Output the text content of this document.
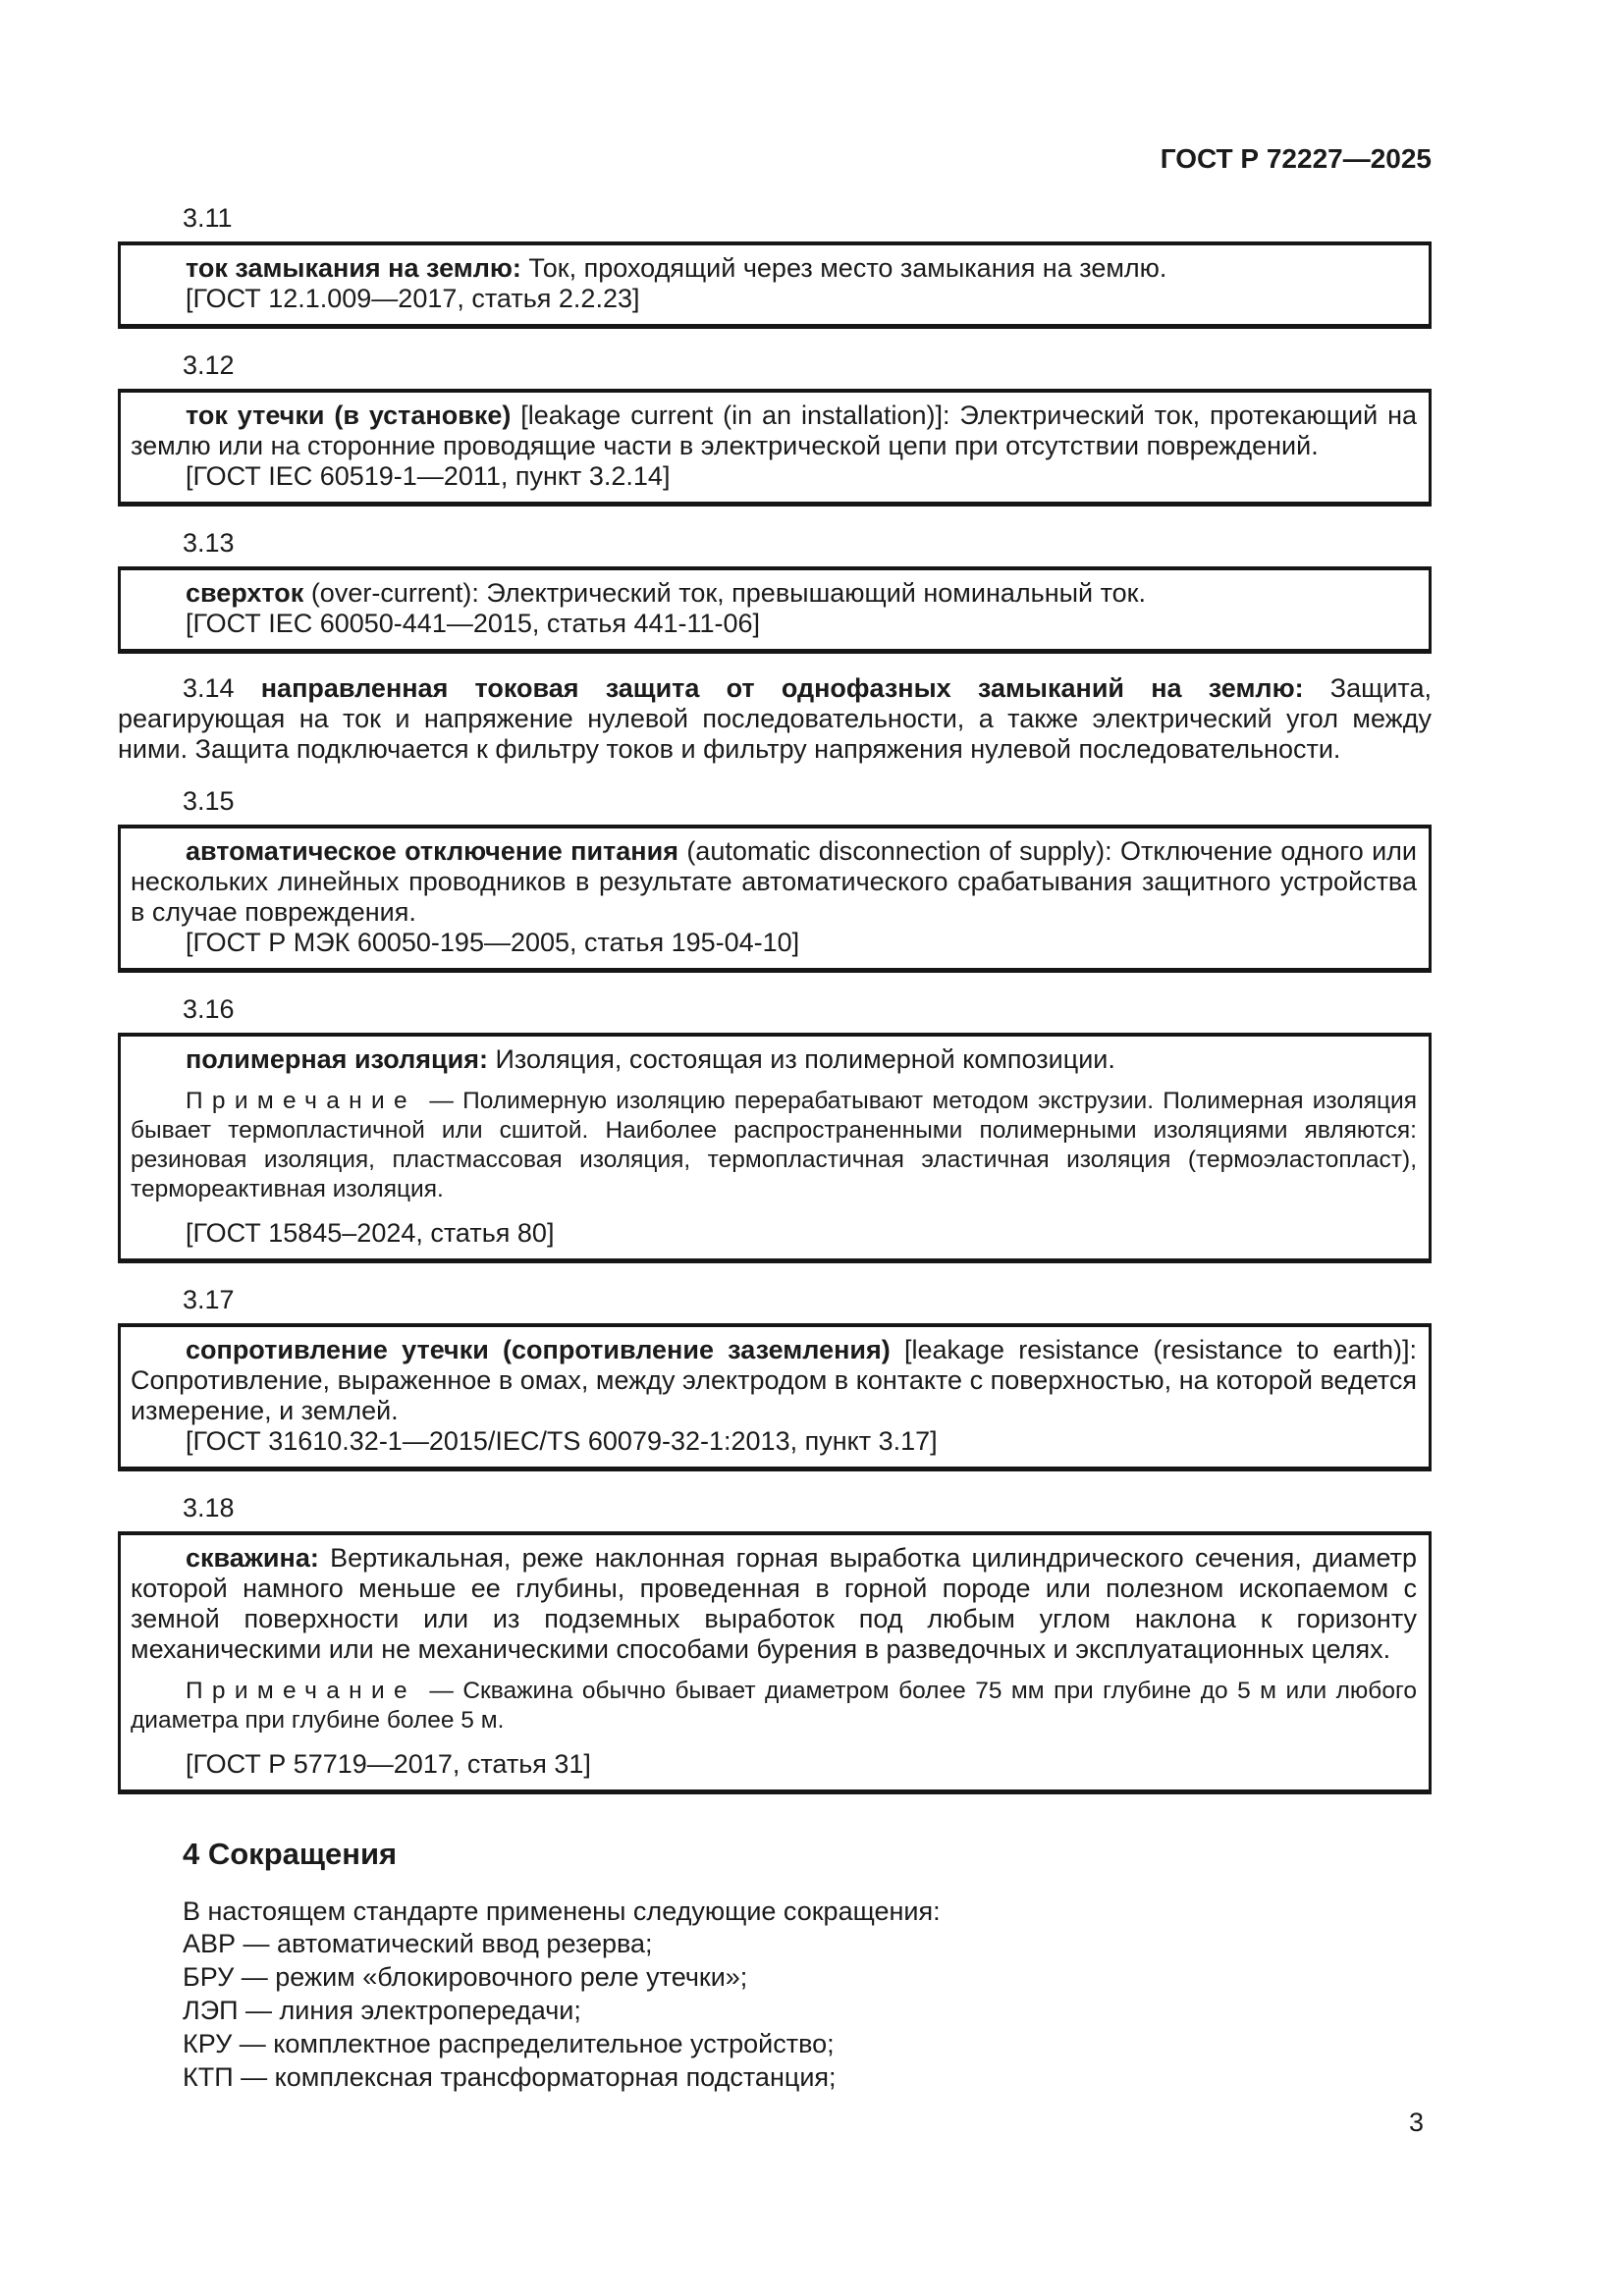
ГОСТ Р 72227—2025
3.11
ток замыкания на землю: Ток, проходящий через место замыкания на землю.
[ГОСТ 12.1.009—2017, статья 2.2.23]
3.12
ток утечки (в установке) [leakage current (in an installation)]: Электрический ток, протекающий на землю или на сторонние проводящие части в электрической цепи при отсутствии повреждений.
[ГОСТ IEC 60519-1—2011, пункт 3.2.14]
3.13
сверхток (over-current): Электрический ток, превышающий номинальный ток.
[ГОСТ IEC 60050-441—2015, статья 441-11-06]
3.14 направленная токовая защита от однофазных замыканий на землю: Защита, реагирующая на ток и напряжение нулевой последовательности, а также электрический угол между ними. Защита подключается к фильтру токов и фильтру напряжения нулевой последовательности.
3.15
автоматическое отключение питания (automatic disconnection of supply): Отключение одного или нескольких линейных проводников в результате автоматического срабатывания защитного устройства в случае повреждения.
[ГОСТ Р МЭК 60050-195—2005, статья 195-04-10]
3.16
полимерная изоляция: Изоляция, состоящая из полимерной композиции.
Примечание — Полимерную изоляцию перерабатывают методом экструзии. Полимерная изоляция бывает термопластичной или сшитой. Наиболее распространенными полимерными изоляциями являются: резиновая изоляция, пластмассовая изоляция, термопластичная эластичная изоляция (термоэластопласт), термореактивная изоляция.
[ГОСТ 15845–2024, статья 80]
3.17
сопротивление утечки (сопротивление заземления) [leakage resistance (resistance to earth)]: Сопротивление, выраженное в омах, между электродом в контакте с поверхностью, на которой ведется измерение, и землей.
[ГОСТ 31610.32-1—2015/IEC/TS 60079-32-1:2013, пункт 3.17]
3.18
скважина: Вертикальная, реже наклонная горная выработка цилиндрического сечения, диаметр которой намного меньше ее глубины, проведенная в горной породе или полезном ископаемом с земной поверхности или из подземных выработок под любым углом наклона к горизонту механическими или не механическими способами бурения в разведочных и эксплуатационных целях.
Примечание — Скважина обычно бывает диаметром более 75 мм при глубине до 5 м или любого диаметра при глубине более 5 м.
[ГОСТ Р 57719—2017, статья 31]
4 Сокращения
В настоящем стандарте применены следующие сокращения:
АВР — автоматический ввод резерва;
БРУ — режим «блокировочного реле утечки»;
ЛЭП — линия электропередачи;
КРУ — комплектное распределительное устройство;
КТП — комплексная трансформаторная подстанция;
3
